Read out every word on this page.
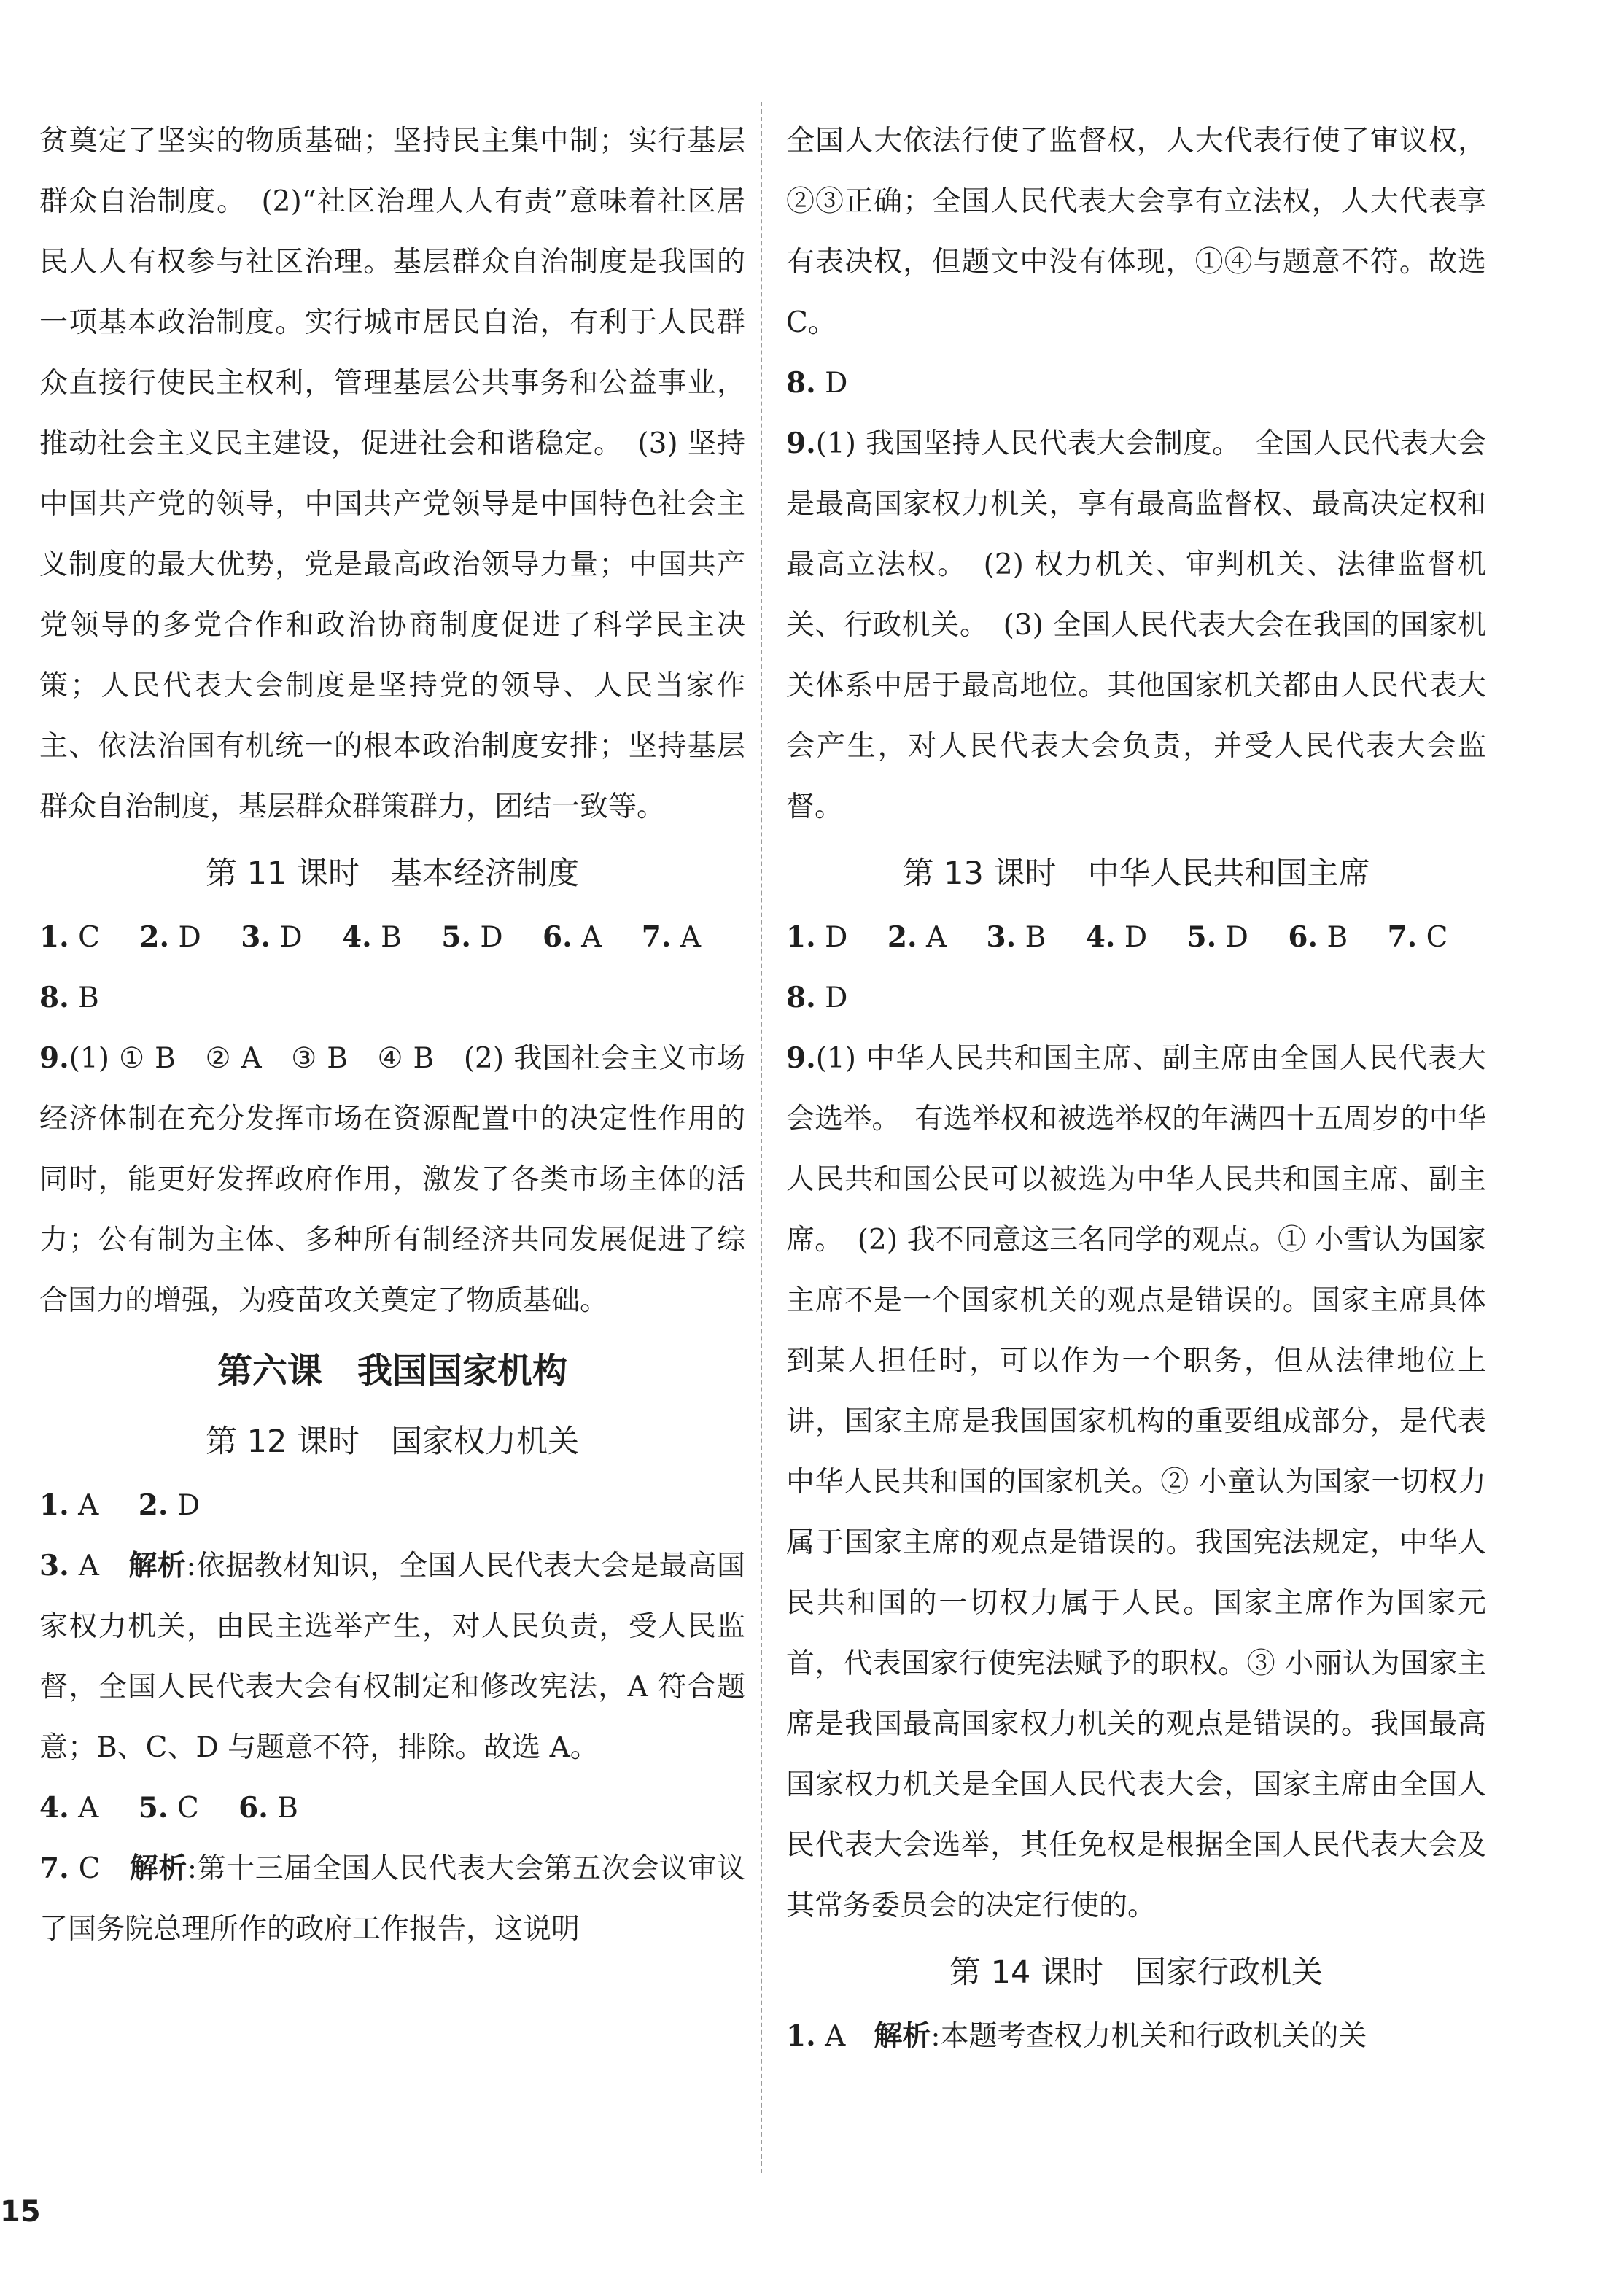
贫奠定了坚实的物质基础；坚持民主集中制；实行基层群众自治制度。　(2)“社区治理人人有责”意味着社区居民人人有权参与社区治理。基层群众自治制度是我国的一项基本政治制度。实行城市居民自治，有利于人民群众直接行使民主权利，管理基层公共事务和公益事业，推动社会主义民主建设，促进社会和谐稳定。　(3) 坚持中国共产党的领导，中国共产党领导是中国特色社会主义制度的最大优势，党是最高政治领导力量；中国共产党领导的多党合作和政治协商制度促进了科学民主决策；人民代表大会制度是坚持党的领导、人民当家作主、依法治国有机统一的根本政治制度安排；坚持基层群众自治制度，基层群众群策群力，团结一致等。

第 11 课时　基本经济制度

1. C 2. D 3. D 4. B 5. D 6. A 7. A
8. B

9.(1) ① B　② A　③ B　④ B　(2) 我国社会主义市场经济体制在充分发挥市场在资源配置中的决定性作用的同时，能更好发挥政府作用，激发了各类市场主体的活力；公有制为主体、多种所有制经济共同发展促进了综合国力的增强，为疫苗攻关奠定了物质基础。

第六课　我国国家机构
第 12 课时　国家权力机关

1. A 2. D

3. A　 解析:依据教材知识，全国人民代表大会是最高国家权力机关，由民主选举产生，对人民负责，受人民监督，全国人民代表大会有权制定和修改宪法，A 符合题意；B、C、D 与题意不符，排除。故选 A。

4. A 5. C 6. B

7. C　 解析:第十三届全国人民代表大会第五次会议审议了国务院总理所作的政府工作报告，这说明

全国人大依法行使了监督权，人大代表行使了审议权，②③正确；全国人民代表大会享有立法权，人大代表享有表决权，但题文中没有体现，①④与题意不符。故选 C。

8. D

9.(1) 我国坚持人民代表大会制度。　全国人民代表大会是最高国家权力机关，享有最高监督权、最高决定权和最高立法权。　(2) 权力机关、审判机关、法律监督机关、行政机关。　(3) 全国人民代表大会在我国的国家机关体系中居于最高地位。其他国家机关都由人民代表大会产生，对人民代表大会负责，并受人民代表大会监督。

第 13 课时　中华人民共和国主席

1. D 2. A 3. B 4. D 5. D 6. B 7. C
8. D

9.(1) 中华人民共和国主席、副主席由全国人民代表大会选举。　有选举权和被选举权的年满四十五周岁的中华人民共和国公民可以被选为中华人民共和国主席、副主席。　(2) 我不同意这三名同学的观点。① 小雪认为国家主席不是一个国家机关的观点是错误的。国家主席具体到某人担任时，可以作为一个职务，但从法律地位上讲，国家主席是我国国家机构的重要组成部分，是代表中华人民共和国的国家机关。② 小童认为国家一切权力属于国家主席的观点是错误的。我国宪法规定，中华人民共和国的一切权力属于人民。国家主席作为国家元首，代表国家行使宪法赋予的职权。③ 小丽认为国家主席是我国最高国家权力机关的观点是错误的。我国最高国家权力机关是全国人民代表大会，国家主席由全国人民代表大会选举，其任免权是根据全国人民代表大会及其常务委员会的决定行使的。

第 14 课时　国家行政机关

1. A　 解析:本题考查权力机关和行政机关的关

15
